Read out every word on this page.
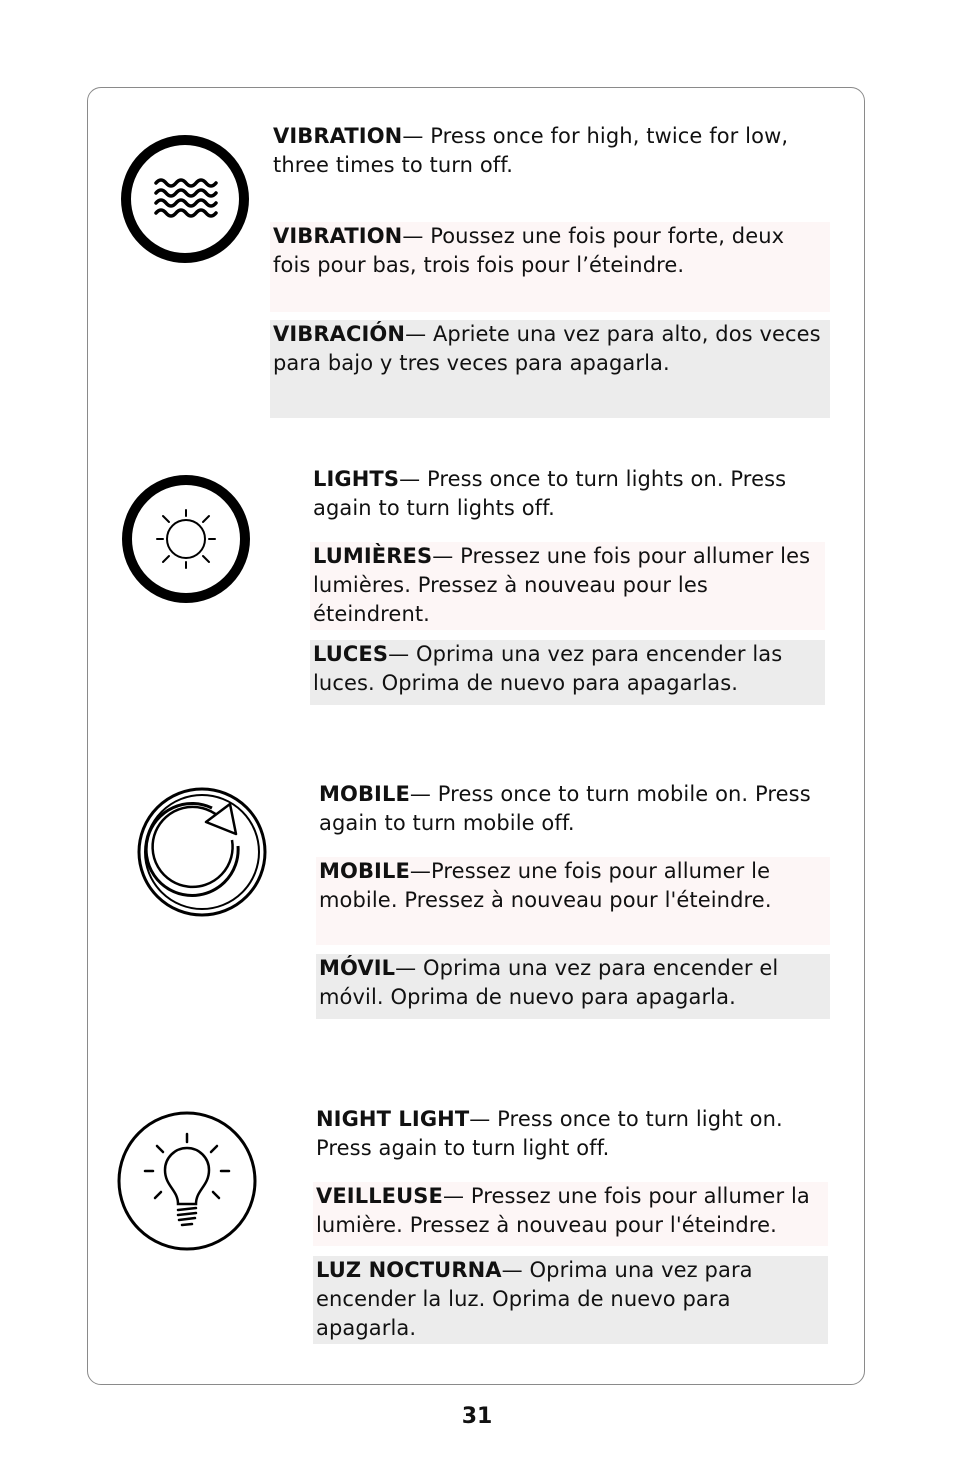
VIBRATION— Press once for high, twice for low, three times to turn off.
VIBRATION— Poussez une fois pour forte, deux fois pour bas, trois fois pour l’éteindre.
VIBRACIÓN— Apriete una vez para alto, dos veces para bajo y tres veces para apagarla.
LIGHTS— Press once to turn lights on. Press again to turn lights off.
LUMIÈRES— Pressez une fois pour allumer les lumières. Pressez à nouveau pour les éteindrent.
LUCES— Oprima una vez para encender las luces. Oprima de nuevo para apagarlas.
MOBILE— Press once to turn mobile on. Press again to turn mobile off.
MOBILE—Pressez une fois pour allumer le mobile. Pressez à nouveau pour l'éteindre.
MÓVIL— Oprima una vez para encender el móvil. Oprima de nuevo para apagarla.
NIGHT LIGHT— Press once to turn light on. Press again to turn light off.
VEILLEUSE— Pressez une fois pour allumer la lumière. Pressez à nouveau pour l'éteindre.
LUZ NOCTURNA— Oprima una vez para encender la luz. Oprima de nuevo para apagarla.
31
